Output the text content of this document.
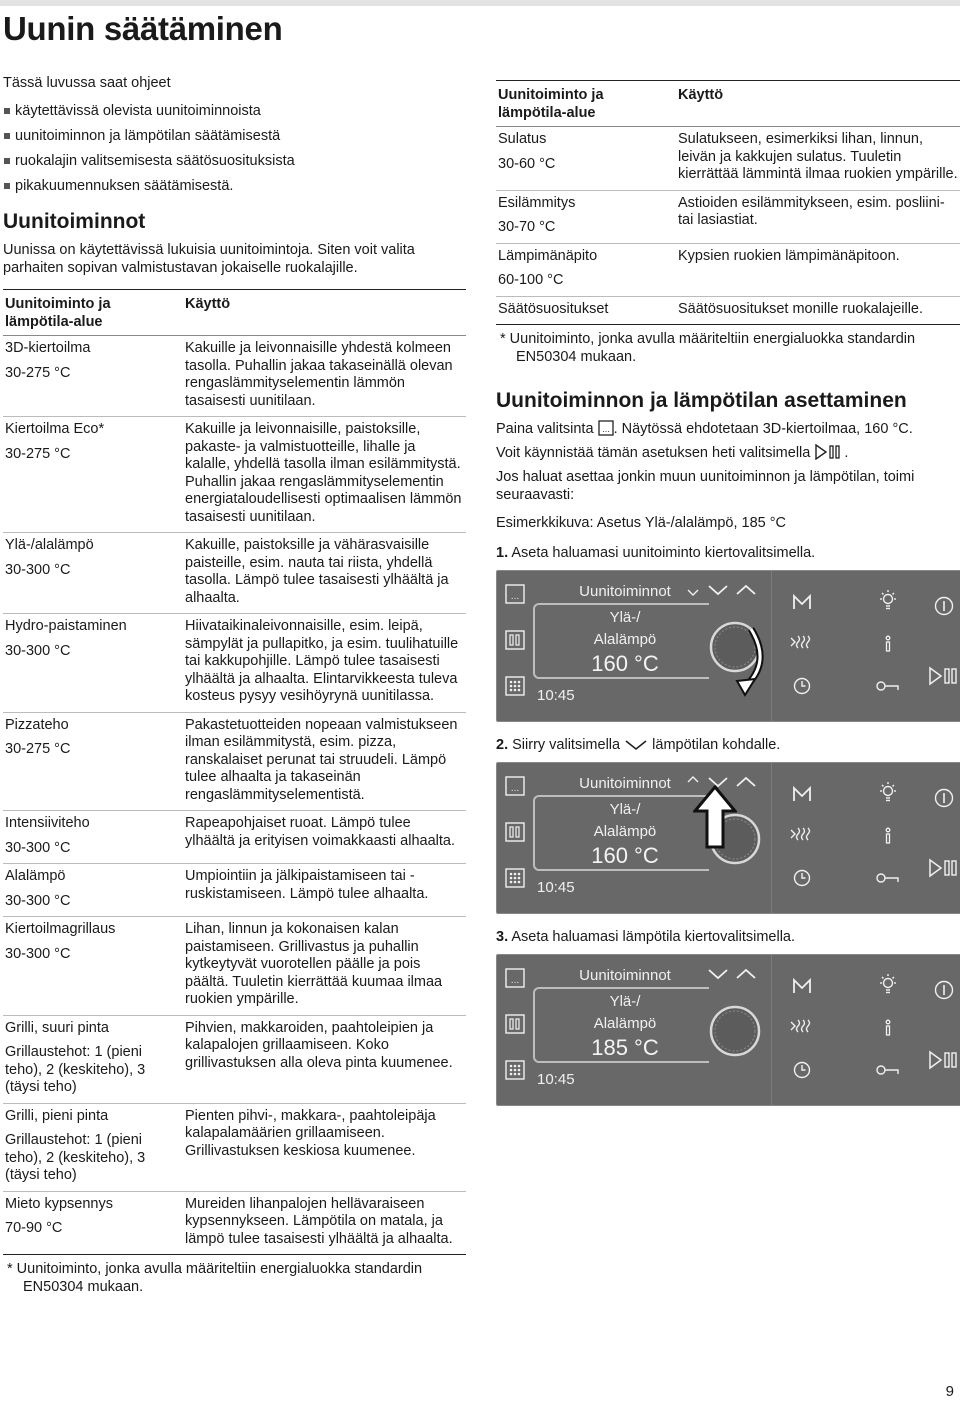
Uunin säätäminen

Tässä luvussa saat ohjeet

käytettävissä olevista uunitoiminnoista
uunitoiminnon ja lämpötilan säätämisestä
ruokalajin valitsemisesta säätösuosituksista
pikakuumennuksen säätämisestä.
Uunitoiminnot

Uunissa on käytettävissä lukuisia uunitoimintoja. Siten voit valita parhaiten sopivan valmistustavan jokaiselle ruokalajille.

Uunitoiminto ja lämpötila-alue	Käyttö

3D-kiertoilma
30-275 °C	Kakuille ja leivonnaisille yhdestä kolmeen tasolla. Puhallin jakaa takaseinällä olevan rengaslämmityselementin lämmön tasaisesti uunitilaan.

Kiertoilma Eco*
30-275 °C	Kakuille ja leivonnaisille, paistoksille, pakaste- ja valmistuotteille, lihalle ja kalalle, yhdellä tasolla ilman esilämmitystä. Puhallin jakaa rengaslämmityselementin energiataloudellisesti optimaalisen lämmön tasaisesti uunitilaan.

Ylä-/alalämpö
30-300 °C	Kakuille, paistoksille ja vähärasvaisille paisteille, esim. nauta tai riista, yhdellä tasolla. Lämpö tulee tasaisesti ylhäältä ja alhaalta.

Hydro-paistaminen
30-300 °C	Hiivataikinaleivonnaisille, esim. leipä, sämpylät ja pullapitko, ja esim. tuulihatuille tai kakkupohjille. Lämpö tulee tasaisesti ylhäältä ja alhaalta. Elintarvikkeesta tuleva kosteus pysyy vesihöyrynä uunitilassa.

Pizzateho
30-275 °C	Pakastetuotteiden nopeaan valmistukseen ilman esilämmitystä, esim. pizza, ranskalaiset perunat tai struudeli. Lämpö tulee alhaalta ja takaseinän rengaslämmityselementistä.

Intensiiviteho
30-300 °C	Rapeapohjaiset ruoat. Lämpö tulee ylhäältä ja erityisen voimakkaasti alhaalta.

Alalämpö
30-300 °C	Umpiointiin ja jälkipaistamiseen tai -ruskistamiseen. Lämpö tulee alhaalta.

Kiertoilmagrillaus
30-300 °C	Lihan, linnun ja kokonaisen kalan paistamiseen. Grillivastus ja puhallin kytkeytyvät vuorotellen päälle ja pois päältä. Tuuletin kierrättää kuumaa ilmaa ruokien ympärille.

Grilli, suuri pinta
Grillaustehot: 1 (pieni teho), 2 (keskiteho), 3 (täysi teho)	Pihvien, makkaroiden, paahtoleipien ja kalapalojen grillaamiseen. Koko grillivastuksen alla oleva pinta kuumenee.

Grilli, pieni pinta
Grillaustehot: 1 (pieni teho), 2 (keskiteho), 3 (täysi teho)	Pienten pihvi-, makkara-, paahtoleipäja kalapalamäärien grillaamiseen. Grillivastuksen keskiosa kuumenee.

Mieto kypsennys
70-90 °C	Mureiden lihanpalojen hellävaraiseen kypsennykseen. Lämpötila on matala, ja lämpö tulee tasaisesti ylhäältä ja alhaalta.

* Uunitoiminto, jonka avulla määriteltiin energialuokka standardin EN50304 mukaan.

Uunitoiminto ja lämpötila-alue	Käyttö

Sulatus
30-60 °C	Sulatukseen, esimerkiksi lihan, linnun, leivän ja kakkujen sulatus. Tuuletin kierrättää lämmintä ilmaa ruokien ympärille.

Esilämmitys
30-70 °C	Astioiden esilämmitykseen, esim. posliini- tai lasiastiat.

Lämpimänäpito
60-100 °C	Kypsien ruokien lämpimänäpitoon.

Säätösuositukset	Säätösuositukset monille ruokalajeille.

* Uunitoiminto, jonka avulla määriteltiin energialuokka standardin EN50304 mukaan.

Uunitoiminnon ja lämpötilan asettaminen

Paina valitsinta ... . Näytössä ehdotetaan 3D-kiertoilmaa, 160 °C.

Voit käynnistää tämän asetuksen heti valitsimella .

Jos haluat asettaa jonkin muun uunitoiminnon ja lämpötilan, toimi seuraavasti:

Esimerkkikuva: Asetus Ylä-/alalämpö, 185 °C

1. Aseta haluamasi uunitoiminto kiertovalitsimella.

...	Uunitoiminnot
Ylä-/
Alalämpö
160 °C
10:45

2. Siirry valitsimella lämpötilan kohdalle.

...	Uunitoiminnot
Ylä-/
Alalämpö
160 °C
10:45

3. Aseta haluamasi lämpötila kiertovalitsimella.

...	Uunitoiminnot
Ylä-/
Alalämpö
185 °C
10:45
9
